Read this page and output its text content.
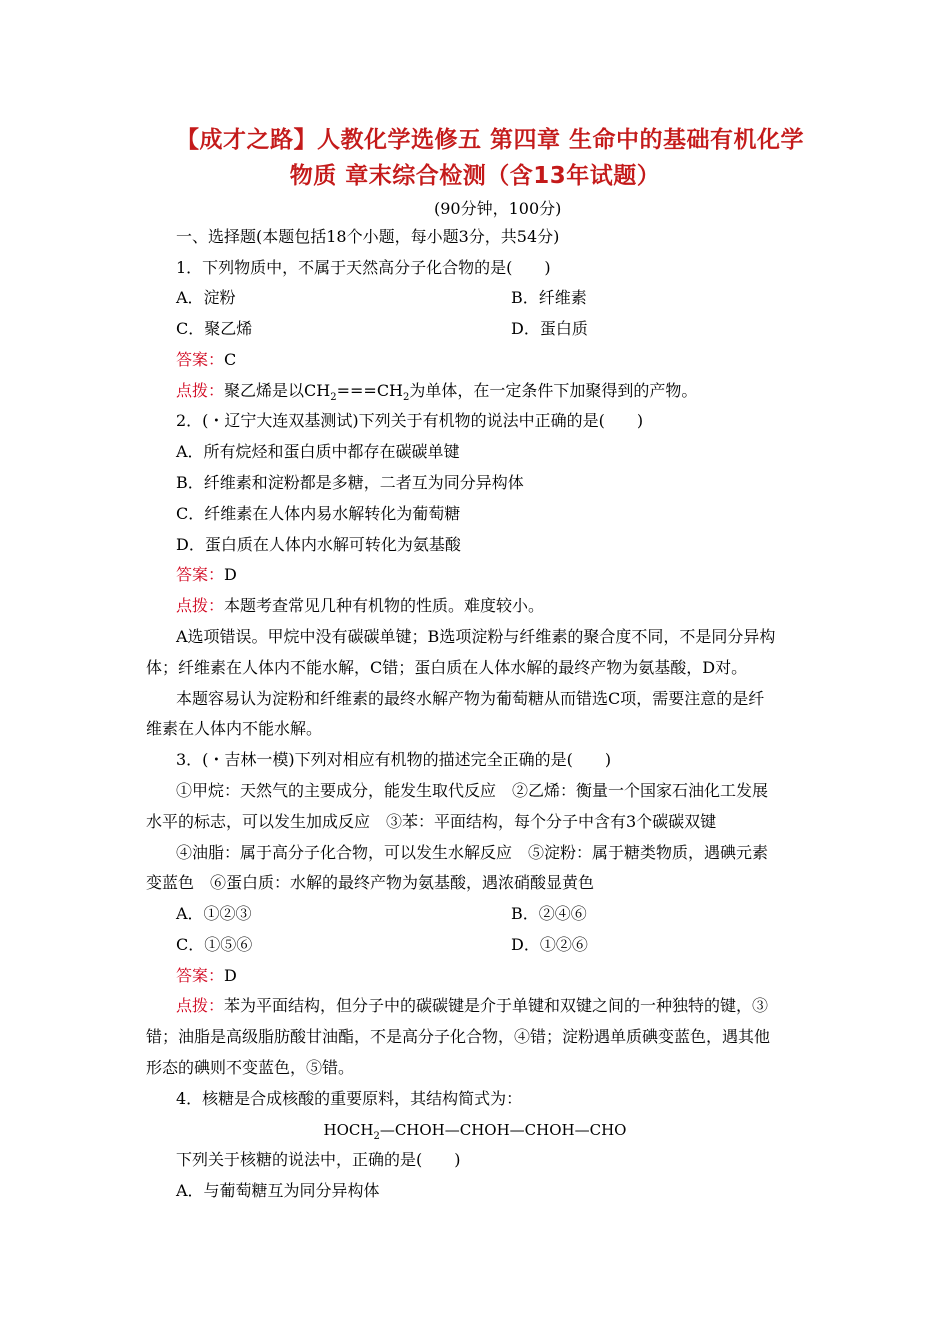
【成才之路】人教化学选修五 第四章 生命中的基础有机化学
物质 章末综合检测（含13年试题）
(90分钟，100分)
一、选择题(本题包括18个小题，每小题3分，共54分)
1．下列物质中，不属于天然高分子化合物的是(　　)
A．淀粉	B．纤维素
C．聚乙烯	D．蛋白质
答案：C
点拨：聚乙烯是以$CH_2===CH_2$为单体，在一定条件下加聚得到的产物。
2．(・辽宁大连双基测试)下列关于有机物的说法中正确的是(　　)
A．所有烷烃和蛋白质中都存在碳碳单键
B．纤维素和淀粉都是多糖，二者互为同分异构体
C．纤维素在人体内易水解转化为葡萄糖
D．蛋白质在人体内水解可转化为氨基酸
答案：D
点拨：本题考查常见几种有机物的性质。难度较小。
A选项错误。甲烷中没有碳碳单键；B选项淀粉与纤维素的聚合度不同，不是同分异构
体；纤维素在人体内不能水解，C错；蛋白质在人体水解的最终产物为氨基酸，D对。
本题容易认为淀粉和纤维素的最终水解产物为葡萄糖从而错选C项，需要注意的是纤
维素在人体内不能水解。
3．(・吉林一模)下列对相应有机物的描述完全正确的是(　　)
①甲烷：天然气的主要成分，能发生取代反应　②乙烯：衡量一个国家石油化工发展
水平的标志，可以发生加成反应　③苯：平面结构，每个分子中含有3个碳碳双键
④油脂：属于高分子化合物，可以发生水解反应　⑤淀粉：属于糖类物质，遇碘元素
变蓝色　⑥蛋白质：水解的最终产物为氨基酸，遇浓硝酸显黄色
A．①②③	B．②④⑥
C．①⑤⑥	D．①②⑥
答案：D
点拨：苯为平面结构，但分子中的碳碳键是介于单键和双键之间的一种独特的键，③
错；油脂是高级脂肪酸甘油酯，不是高分子化合物，④错；淀粉遇单质碘变蓝色，遇其他
形态的碘则不变蓝色，⑤错。
4．核糖是合成核酸的重要原料，其结构简式为：
$HOCH_2—CHOH—CHOH—CHOH—CHO$
下列关于核糖的说法中，正确的是(　　)
A．与葡萄糖互为同分异构体
